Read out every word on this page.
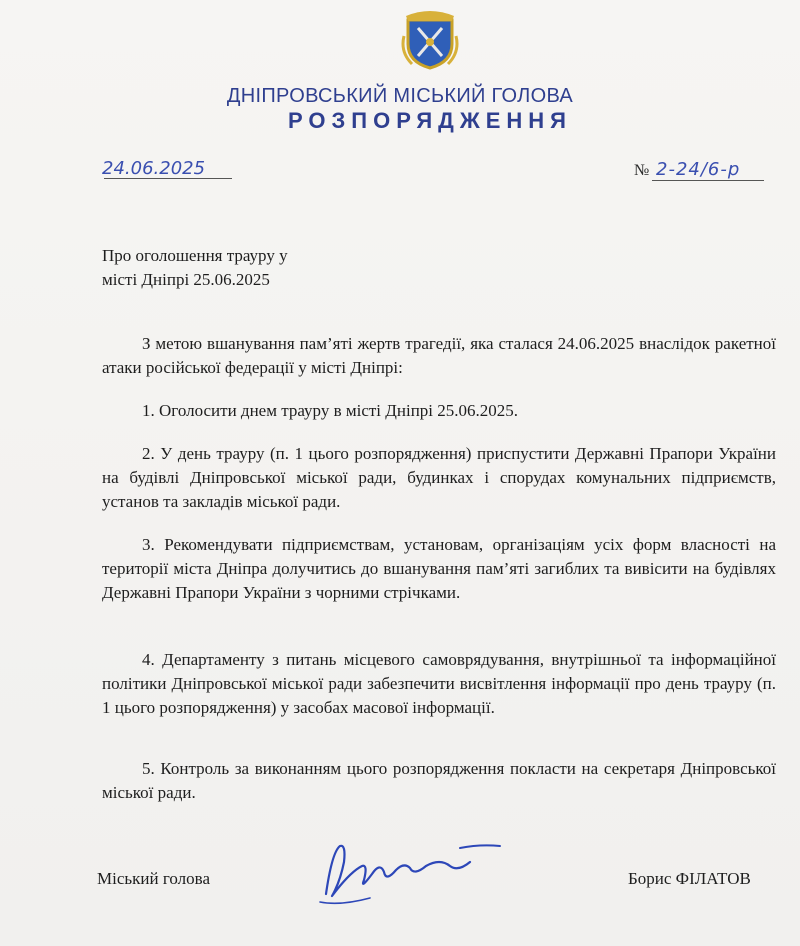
ДНІПРОВСЬКИЙ МІСЬКИЙ ГОЛОВА
РОЗПОРЯДЖЕННЯ
24.06.2025	№ 2-24/6-р
Про оголошення трауру у
місті Дніпрі 25.06.2025
З метою вшанування пам’яті жертв трагедії, яка сталася 24.06.2025 внаслідок ракетної атаки російської федерації у місті Дніпрі:
1. Оголосити днем трауру в місті Дніпрі 25.06.2025.
2. У день трауру (п. 1 цього розпорядження) приспустити Державні Прапори України на будівлі Дніпровської міської ради, будинках і спорудах комунальних підприємств, установ та закладів міської ради.
3. Рекомендувати підприємствам, установам, організаціям усіх форм власності на території міста Дніпра долучитись до вшанування пам’яті загиблих та вивісити на будівлях Державні Прапори України з чорними стрічками.
4. Департаменту з питань місцевого самоврядування, внутрішньої та інформаційної політики Дніпровської міської ради забезпечити висвітлення інформації про день трауру (п. 1 цього розпорядження) у засобах масової інформації.
5. Контроль за виконанням цього розпорядження покласти на секретаря Дніпровської міської ради.
Міський голова	Борис ФІЛАТОВ
